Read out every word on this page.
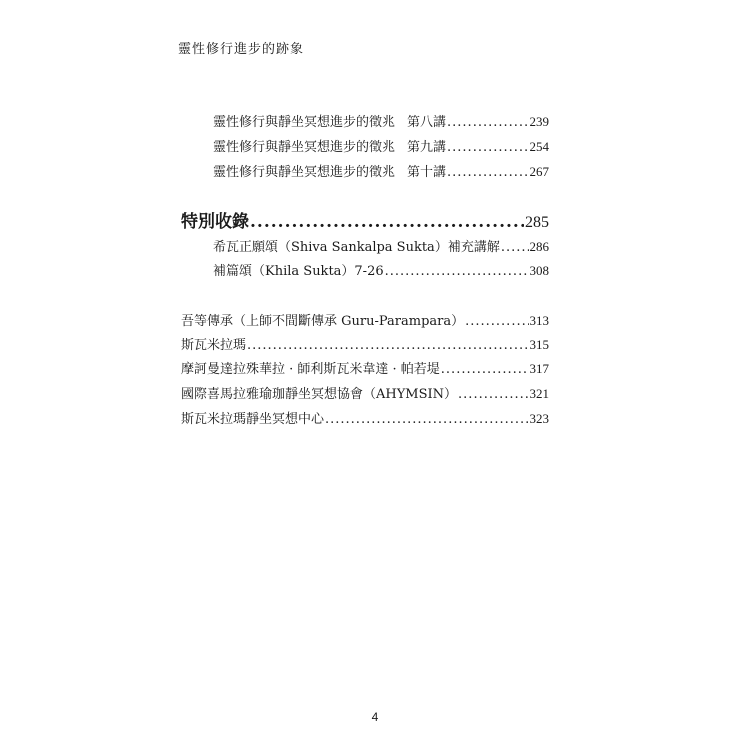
靈性修行進步的跡象
靈性修行與靜坐冥想進步的徵兆 第八講 .....	239
靈性修行與靜坐冥想進步的徵兆 第九講 .....	254
靈性修行與靜坐冥想進步的徵兆 第十講 .....	267
特別收錄 .....	285
希瓦正願頌（Shiva Sankalpa Sukta）補充講解 ..... 286
補篇頌（Khila Sukta）7-26 .....	308
吾等傳承（上師不間斷傳承 Guru-Parampara） .....	313
斯瓦米拉瑪 .....	315
摩訶曼達拉殊華拉 · 師利斯瓦米韋達 · 帕若堤 .....	317
國際喜馬拉雅瑜珈靜坐冥想協會（AHYMSIN） .....	321
斯瓦米拉瑪靜坐冥想中心 .....	323
4
